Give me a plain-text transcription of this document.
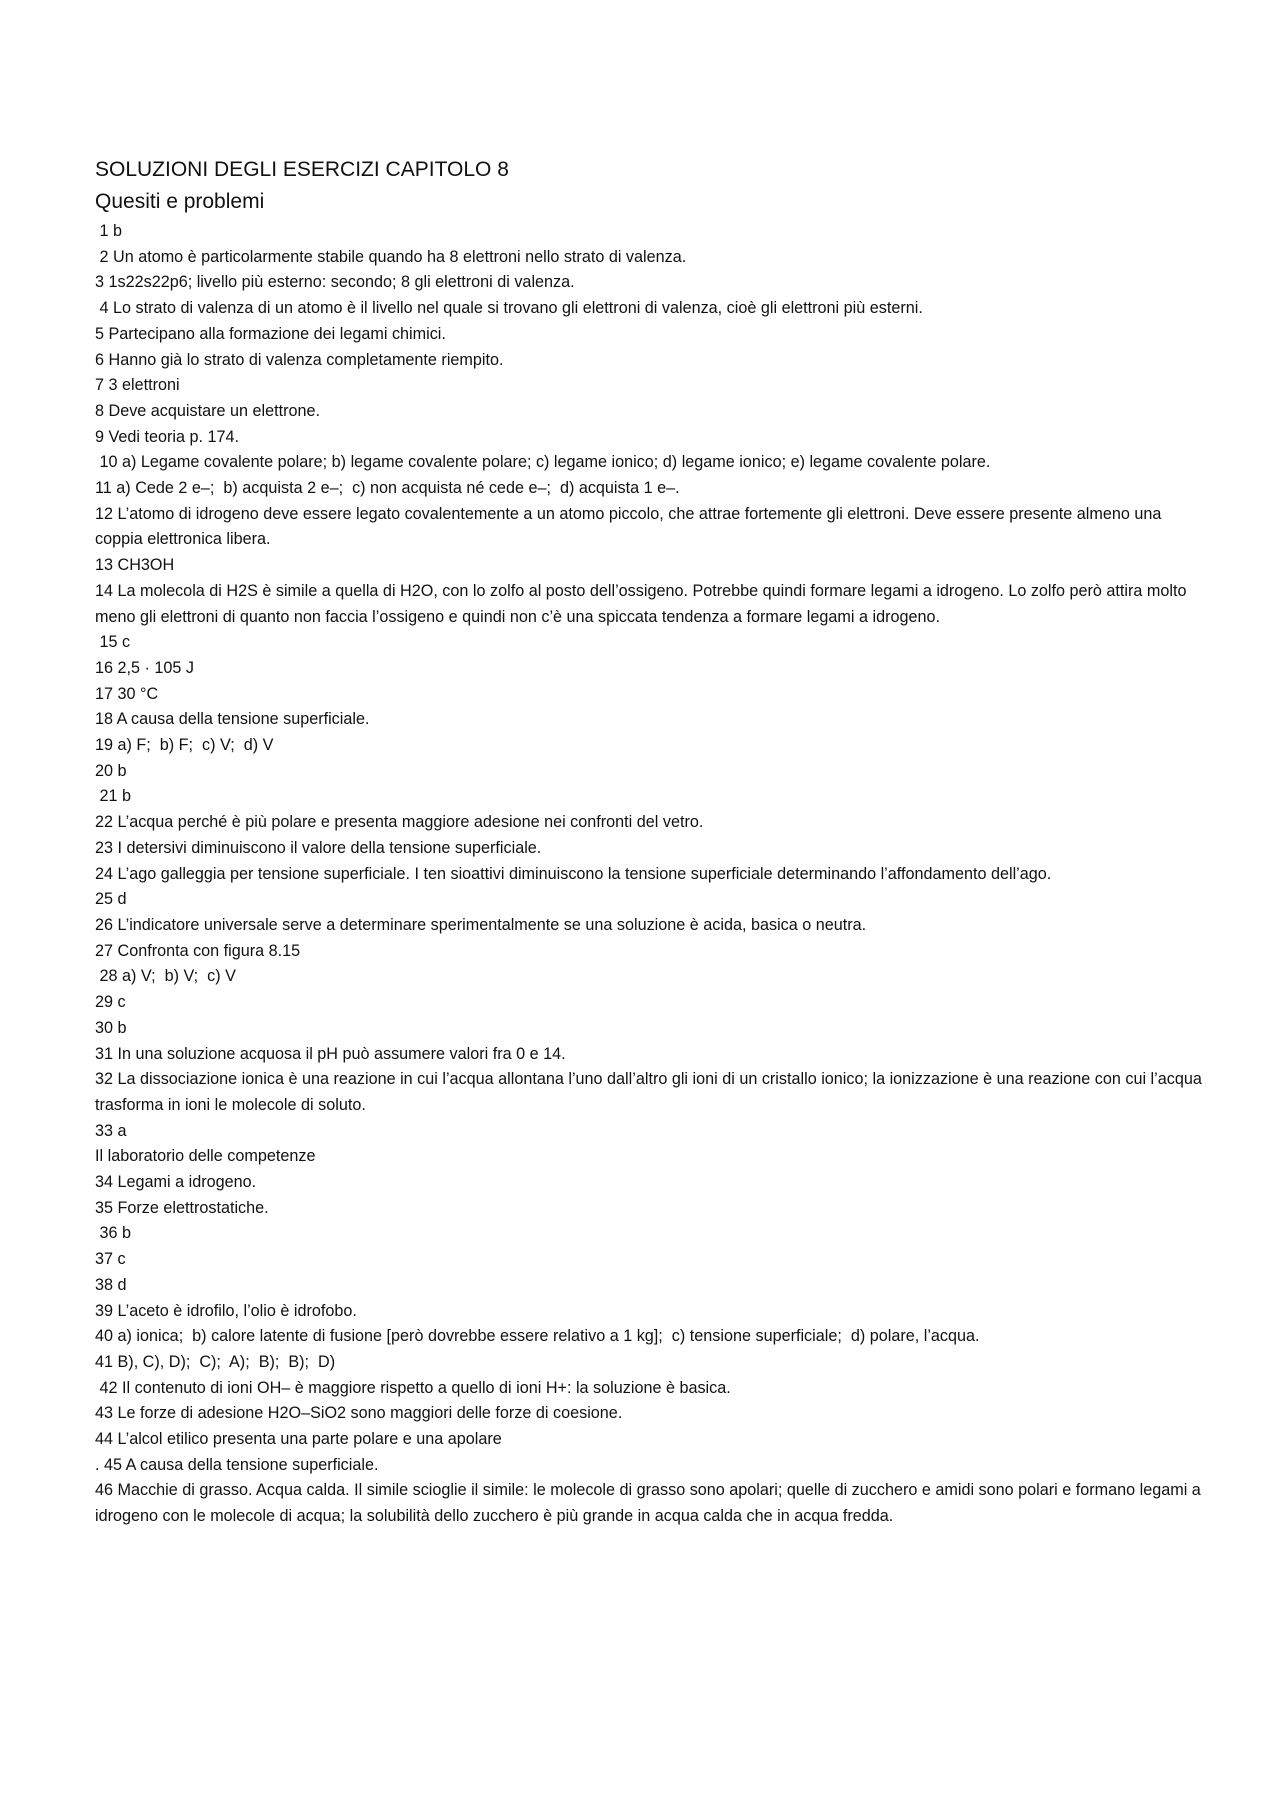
SOLUZIONI DEGLI ESERCIZI CAPITOLO 8
Quesiti e problemi

1 b

2 Un atomo è particolarmente stabile quando ha 8 elettroni nello strato di valenza.

3 1s22s22p6; livello più esterno: secondo; 8 gli elettroni di valenza.

4 Lo strato di valenza di un atomo è il livello nel quale si trovano gli elettroni di valenza, cioè gli elettroni più esterni.

5 Partecipano alla formazione dei legami chimici.

6 Hanno già lo strato di valenza completamente riempito.

7 3 elettroni

8 Deve acquistare un elettrone.

9 Vedi teoria p. 174.

10 a) Legame covalente polare; b) legame covalente polare; c) legame ionico; d) legame ionico; e) legame covalente polare.

11 a) Cede 2 e–;  b) acquista 2 e–;  c) non acquista né cede e–;  d) acquista 1 e–.

12 L’atomo di idrogeno deve essere legato covalentemente a un atomo piccolo, che attrae fortemente gli elettroni. Deve essere presente almeno una coppia elettronica libera.

13 CH3OH

14 La molecola di H2S è simile a quella di H2O, con lo zolfo al posto dell’ossigeno. Potrebbe quindi formare legami a idrogeno. Lo zolfo però attira molto meno gli elettroni di quanto non faccia l’ossigeno e quindi non c’è una spiccata tendenza a formare legami a idrogeno.

15 c

16 2,5 · 105 J

17 30 °C

18 A causa della tensione superficiale.

19 a) F;  b) F;  c) V;  d) V

20 b

21 b

22 L’acqua perché è più polare e presenta maggiore adesione nei confronti del vetro.

23 I detersivi diminuiscono il valore della tensione superficiale.

24 L’ago galleggia per tensione superficiale. I ten sioattivi diminuiscono la tensione superficiale determinando l’affondamento dell’ago.

25 d

26 L’indicatore universale serve a determinare sperimentalmente se una soluzione è acida, basica o neutra.

27 Confronta con figura 8.15

28 a) V;  b) V;  c) V

29 c

30 b

31 In una soluzione acquosa il pH può assumere valori fra 0 e 14.

32 La dissociazione ionica è una reazione in cui l’acqua allontana l’uno dall’altro gli ioni di un cristallo ionico; la ionizzazione è una reazione con cui l’acqua trasforma in ioni le molecole di soluto.

33 a

Il laboratorio delle competenze

34 Legami a idrogeno.

35 Forze elettrostatiche.

36 b

37 c

38 d

39 L’aceto è idrofilo, l’olio è idrofobo.

40 a) ionica;  b) calore latente di fusione [però dovrebbe essere relativo a 1 kg];  c) tensione superficiale;  d) polare, l’acqua.

41 B), C), D);  C);  A);  B);  B);  D)

42 Il contenuto di ioni OH– è maggiore rispetto a quello di ioni H+: la soluzione è basica.

43 Le forze di adesione H2O–SiO2 sono maggiori delle forze di coesione.

44 L’alcol etilico presenta una parte polare e una apolare

. 45 A causa della tensione superficiale.

46 Macchie di grasso. Acqua calda. Il simile scioglie il simile: le molecole di grasso sono apolari; quelle di zucchero e amidi sono polari e formano legami a idrogeno con le molecole di acqua; la solubilità dello zucchero è più grande in acqua calda che in acqua fredda.
